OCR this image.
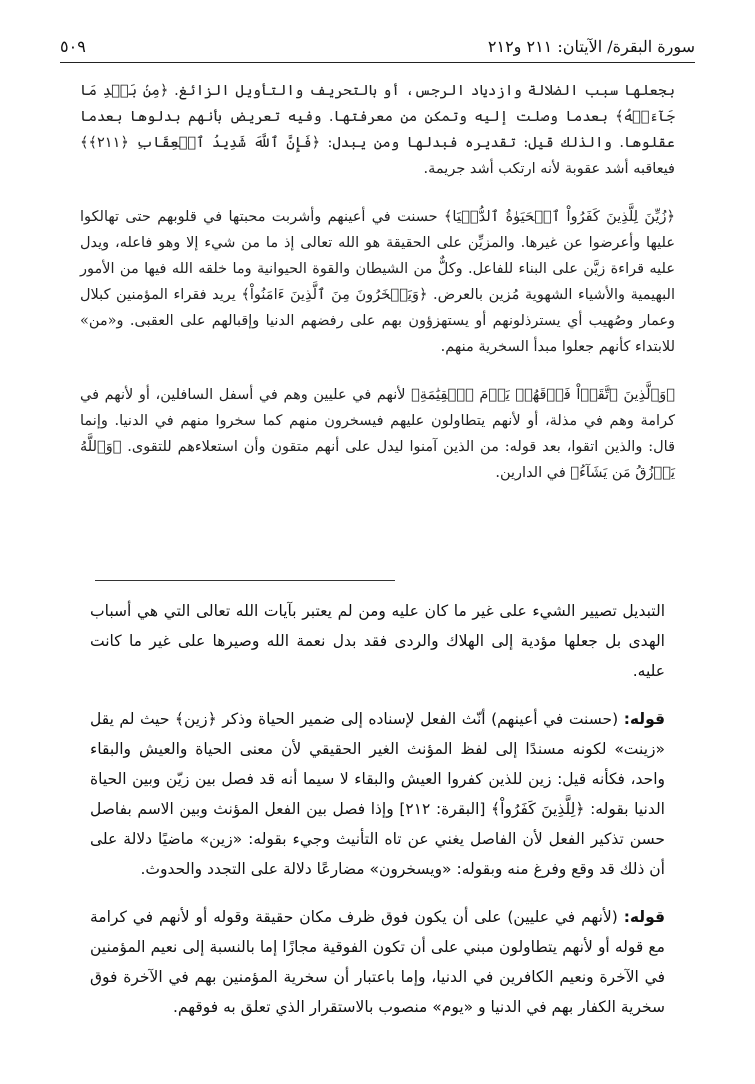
سورة البقرة/ الآيتان: ٢١١ و٢١٢
٥٠٩

بجعلها سبب الضلالة وازدياد الرجس، أو بالتحريف والتأويل الزائغ. ﴿مِنۢ بَعۡدِ مَا جَآءَتۡهُ﴾ بعدما وصلت إليه وتمكن من معرفتها. وفيه تعريض بأنهم بدلوها بعدما عقلوها. والذلك قيل: تقديره فبدلها ومن يبدل: ﴿فَإِنَّ ٱللَّهَ شَدِيدُ ٱلۡعِقَابِ ﴿٢١١﴾﴾ فيعاقبه أشد عقوبة لأنه ارتكب أشد جريمة.

﴿زُيِّنَ لِلَّذِينَ كَفَرُواْ ٱلۡحَيَوٰةُ ٱلدُّنۡيَا﴾ حسنت في أعينهم وأشربت محبتها في قلوبهم حتى تهالكوا عليها وأعرضوا عن غيرها. والمزيِّن على الحقيقة هو الله تعالى إذ ما من شيء إلا وهو فاعله، ويدل عليه قراءة زيَّن على البناء للفاعل. وكلٌّ من الشيطان والقوة الحيوانية وما خلقه الله فيها من الأمور البهيمية والأشياء الشهوية مُزين بالعرض. ﴿وَيَسۡخَرُونَ مِنَ ٱلَّذِينَ ءَامَنُواْ﴾ يريد فقراء المؤمنين كبلال وعمار وصُهيب أي يسترذلونهم أو يستهزؤون بهم على رفضهم الدنيا وإقبالهم على العقبى. و«من» للابتداء كأنهم جعلوا مبدأ السخرية منهم.

﴿وَٱلَّذِينَ ٱتَّقَوۡاْ فَوۡقَهُمۡ يَوۡمَ ٱلۡقِيَٰمَةِ﴾ لأنهم في عليين وهم في أسفل السافلين، أو لأنهم في كرامة وهم في مذلة، أو لأنهم يتطاولون عليهم فيسخرون منهم كما سخروا منهم في الدنيا. وإنما قال: والذين اتقوا، بعد قوله: من الذين آمنوا ليدل على أنهم متقون وأن استعلاءهم للتقوى. ﴿وَٱللَّهُ يَرۡزُقُ مَن يَشَآءُ﴾ في الدارين.

التبديل تصيير الشيء على غير ما كان عليه ومن لم يعتبر بآيات الله تعالى التي هي أسباب الهدى بل جعلها مؤدية إلى الهلاك والردى فقد بدل نعمة الله وصيرها على غير ما كانت عليه.

قوله: (حسنت في أعينهم) أنّث الفعل لإسناده إلى ضمير الحياة وذكر ﴿زين﴾ حيث لم يقل «زينت» لكونه مسندًا إلى لفظ المؤنث الغير الحقيقي لأن معنى الحياة والعيش والبقاء واحد، فكأنه قيل: زين للذين كفروا العيش والبقاء لا سيما أنه قد فصل بين زيّن وبين الحياة الدنيا بقوله: ﴿لِلَّذِينَ كَفَرُواْ﴾ [البقرة: ٢١٢] وإذا فصل بين الفعل المؤنث وبين الاسم بفاصل حسن تذكير الفعل لأن الفاصل يغني عن تاه التأنيث وجيء بقوله: «زين» ماضيًا دلالة على أن ذلك قد وقع وفرغ منه وبقوله: «ويسخرون» مضارعًا دلالة على التجدد والحدوث.

قوله: (لأنهم في عليين) على أن يكون فوق ظرف مكان حقيقة وقوله أو لأنهم في كرامة مع قوله أو لأنهم يتطاولون مبني على أن تكون الفوقية مجازًا إما بالنسبة إلى نعيم المؤمنين في الآخرة ونعيم الكافرين في الدنيا، وإما باعتبار أن سخرية المؤمنين بهم في الآخرة فوق سخرية الكفار بهم في الدنيا و «يوم» منصوب بالاستقرار الذي تعلق به فوقهم.
